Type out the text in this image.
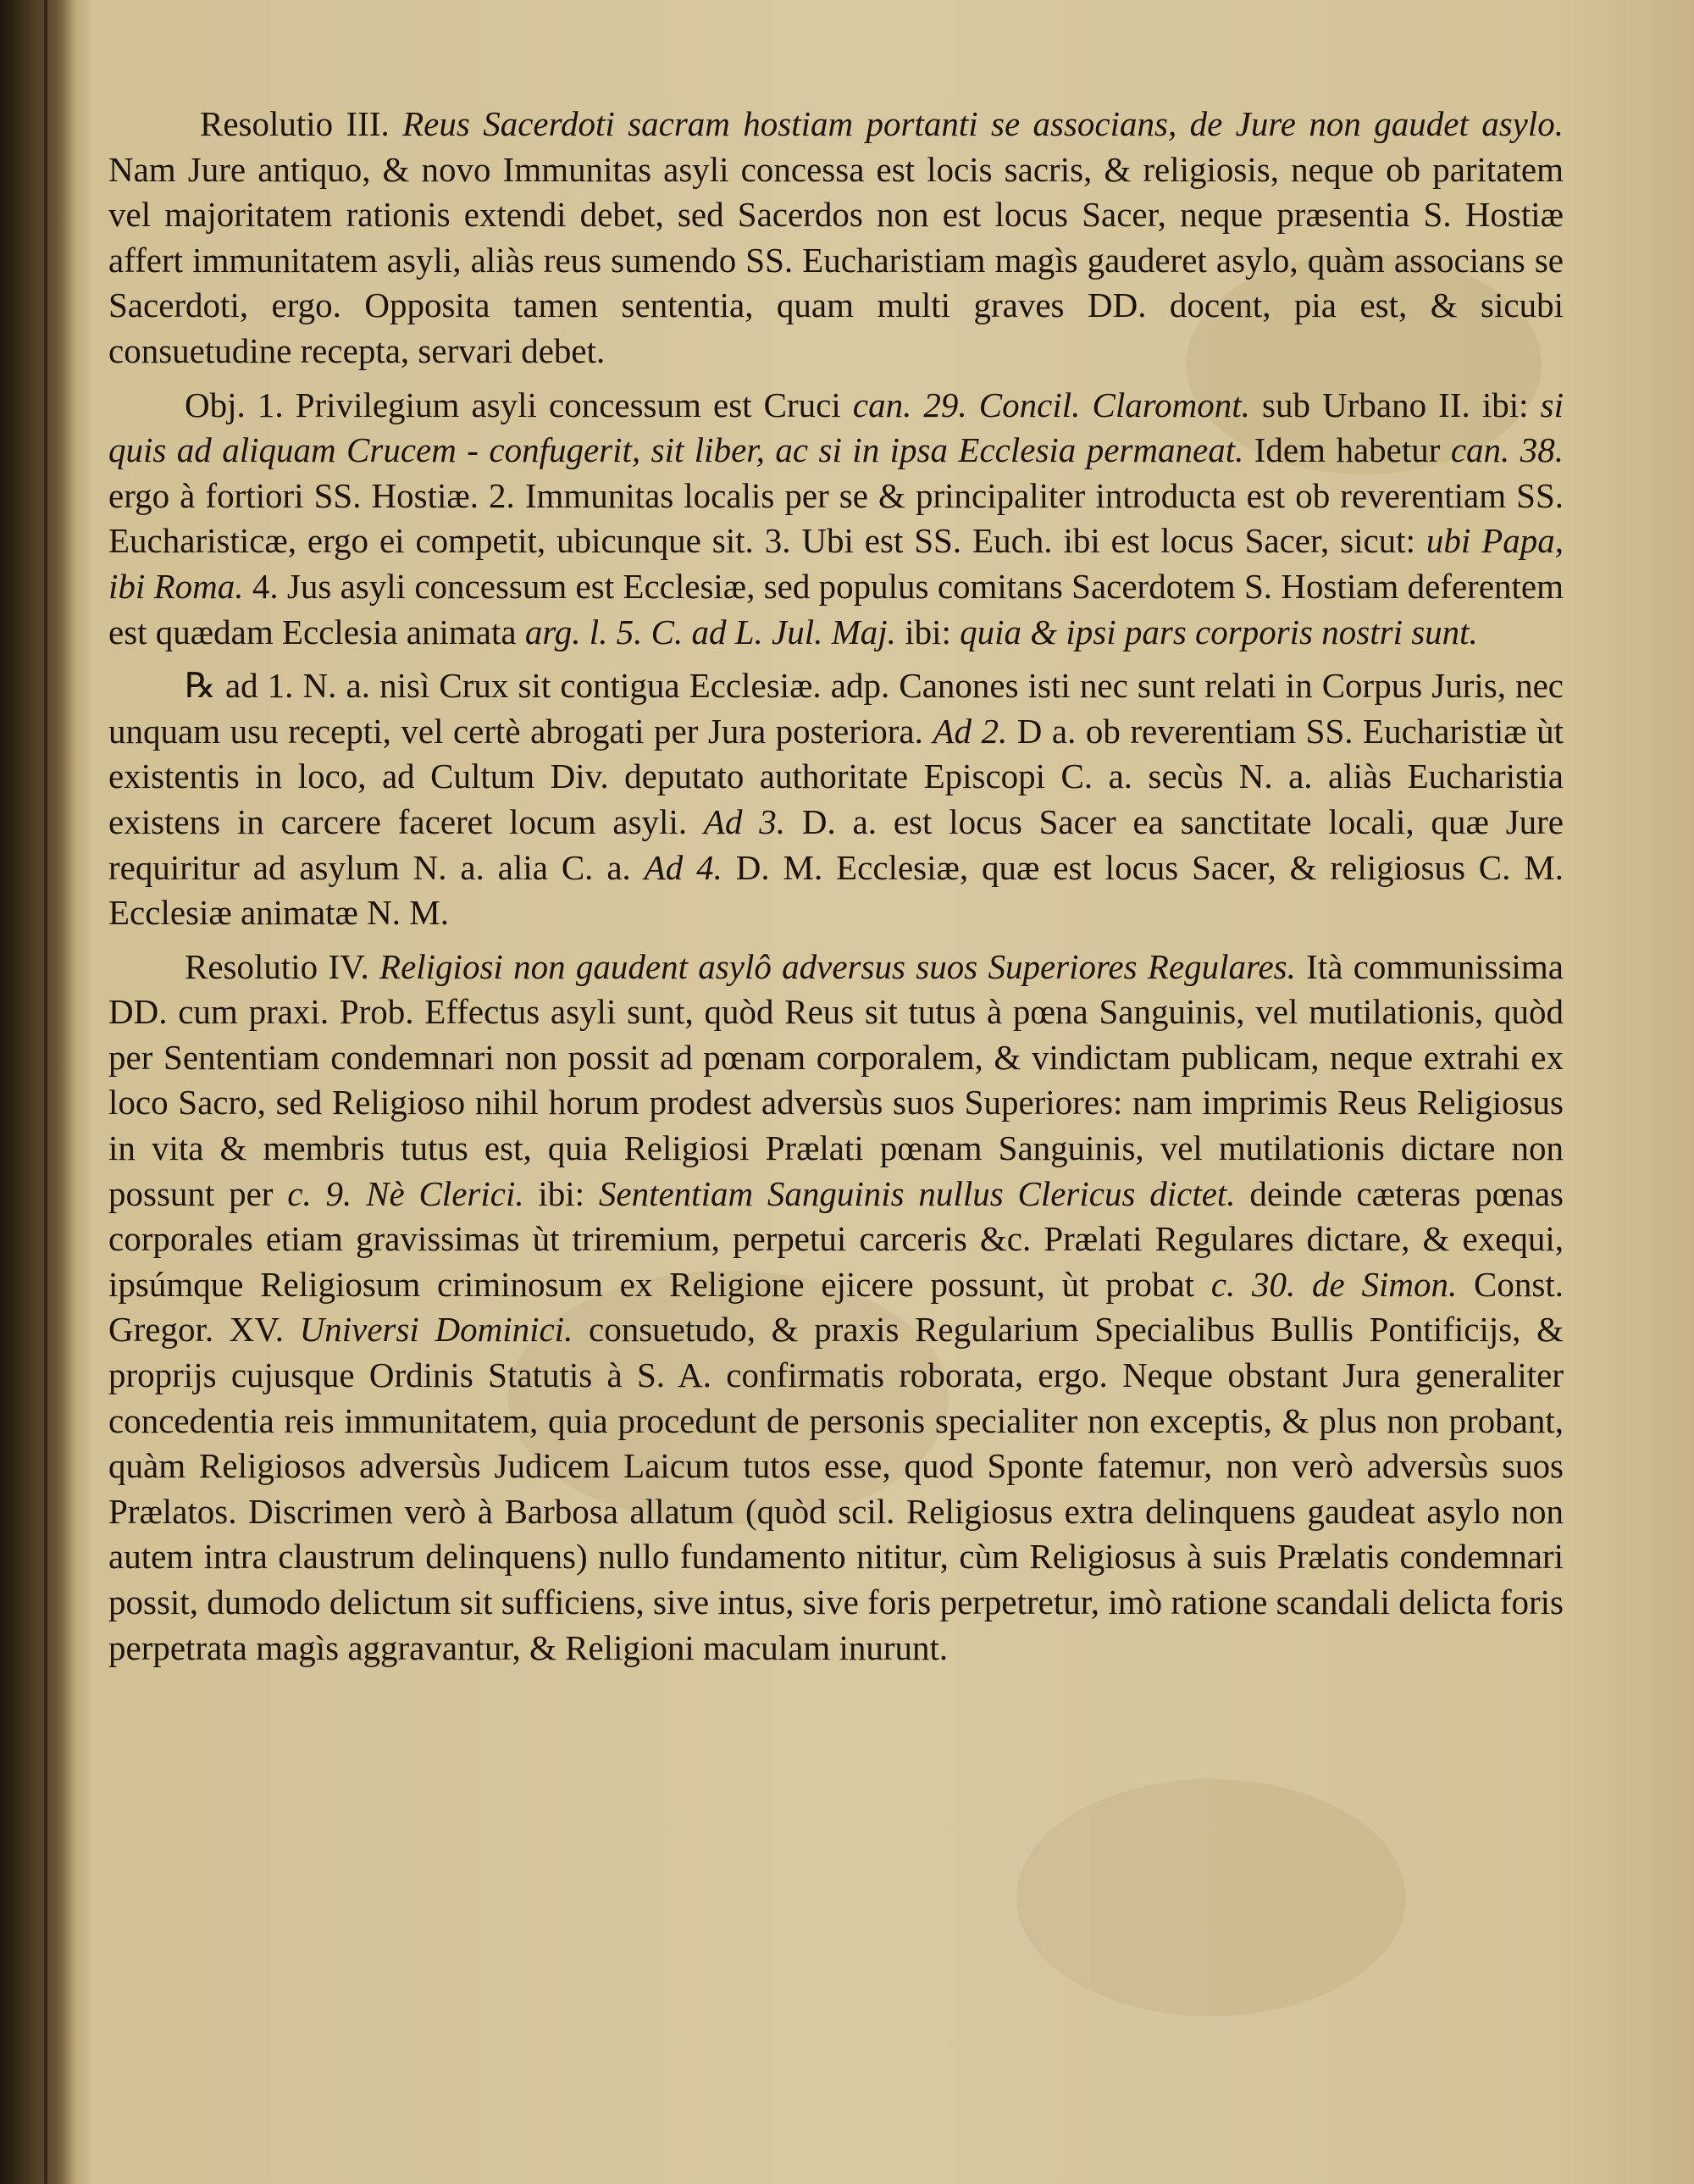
Resolutio III. Reus Sacerdoti sacram hostiam portanti se associans, de Jure non gaudet asylo. Nam Jure antiquo, & novo Immunitas asyli concessa est locis sacris, & religiosis, neque ob paritatem vel majoritatem rationis extendi debet, sed Sacerdos non est locus Sacer, neque præsentia S. Hostiæ affert immunitatem asyli, aliàs reus sumendo SS. Eucharistiam magìs gauderet asylo, quàm associans se Sacerdoti, ergo. Opposita tamen sententia, quam multi graves DD. docent, pia est, & sicubi consuetudine recepta, servari debet.

Obj. 1. Privilegium asyli concessum est Cruci can. 29. Concil. Claromont. sub Urbano II. ibi: si quis ad aliquam Crucem - confugerit, sit liber, ac si in ipsa Ecclesia permaneat. Idem habetur can. 38. ergo à fortiori SS. Hostiæ. 2. Immunitas localis per se & principaliter introducta est ob reverentiam SS. Eucharisticæ, ergo ei competit, ubicunque sit. 3. Ubi est SS. Euch. ibi est locus Sacer, sicut: ubi Papa, ibi Roma. 4. Jus asyli concessum est Ecclesiæ, sed populus comitans Sacerdotem S. Hostiam deferentem est quædam Ecclesia animata arg. l. 5. C. ad L. Jul. Maj. ibi: quia & ipsi pars corporis nostri sunt.

℞ ad 1. N. a. nisì Crux sit contigua Ecclesiæ. adp. Canones isti nec sunt relati in Corpus Juris, nec unquam usu recepti, vel certè abrogati per Jura posteriora. Ad 2. D a. ob reverentiam SS. Eucharistiæ ùt existentis in loco, ad Cultum Div. deputato authoritate Episcopi C. a. secùs N. a. aliàs Eucharistia existens in carcere faceret locum asyli. Ad 3. D. a. est locus Sacer ea sanctitate locali, quæ Jure requiritur ad asylum N. a. alia C. a. Ad 4. D. M. Ecclesiæ, quæ est locus Sacer, & religiosus C. M. Ecclesiæ animatæ N. M.

Resolutio IV. Religiosi non gaudent asylô adversus suos Superiores Regulares. Ità communissima DD. cum praxi. Prob. Effectus asyli sunt, quòd Reus sit tutus à pœna Sanguinis, vel mutilationis, quòd per Sententiam condemnari non possit ad pœnam corporalem, & vindictam publicam, neque extrahi ex loco Sacro, sed Religioso nihil horum prodest adversùs suos Superiores: nam imprimis Reus Religiosus in vita & membris tutus est, quia Religiosi Prælati pœnam Sanguinis, vel mutilationis dictare non possunt per c. 9. Nè Clerici. ibi: Sententiam Sanguinis nullus Clericus dictet. deinde cæteras pœnas corporales etiam gravissimas ùt triremium, perpetui carceris &c. Prælati Regulares dictare, & exequi, ipsúmque Religiosum criminosum ex Religione ejicere possunt, ùt probat c. 30. de Simon. Const. Gregor. XV. Universi Dominici. consuetudo, & praxis Regularium Specialibus Bullis Pontificijs, & proprijs cujusque Ordinis Statutis à S. A. confirmatis roborata, ergo. Neque obstant Jura generaliter concedentia reis immunitatem, quia procedunt de personis specialiter non exceptis, & plus non probant, quàm Religiosos adversùs Judicem Laicum tutos esse, quod Sponte fatemur, non verò adversùs suos Prælatos. Discrimen verò à Barbosa allatum (quòd scil. Religiosus extra delinquens gaudeat asylo non autem intra claustrum delinquens) nullo fundamento nititur, cùm Religiosus à suis Prælatis condemnari possit, dumodo delictum sit sufficiens, sive intus, sive foris perpetretur, imò ratione scandali delicta foris perpetrata magìs aggravantur, & Religioni maculam inurunt.
